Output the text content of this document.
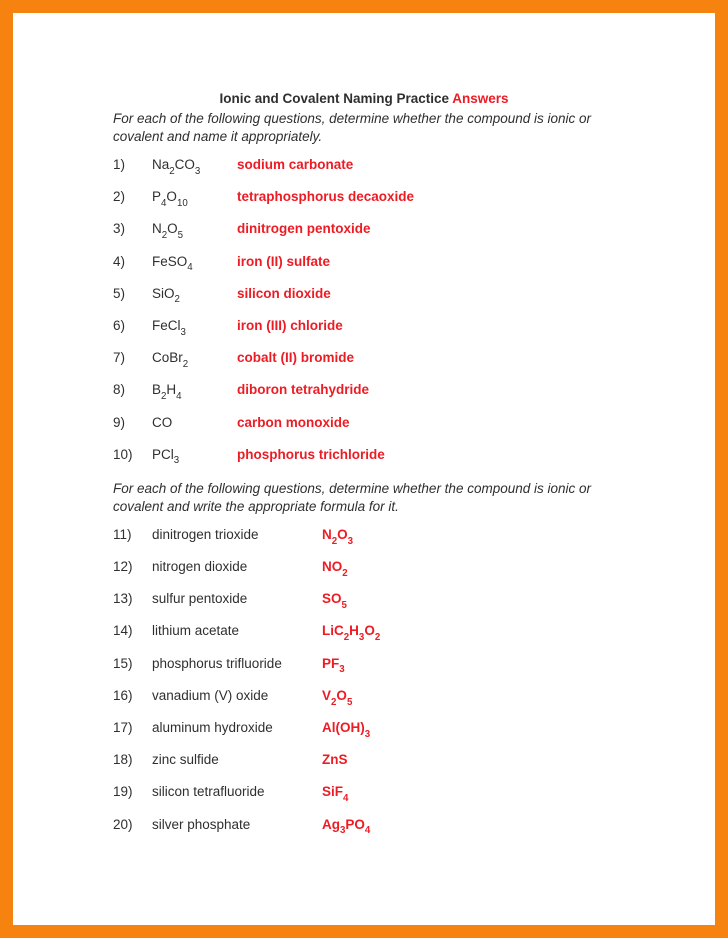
Ionic and Covalent Naming Practice Answers

For each of the following questions, determine whether the compound is ionic or
covalent and name it appropriately.

1)	$Na_2CO_3$	sodium carbonate
2)	$P_4O_{10}$	tetraphosphorus decaoxide
3)	$N_2O_5$	dinitrogen pentoxide
4)	FeSO$_4$	iron (II) sulfate
5)	SiO$_2$	silicon dioxide
6)	FeCl$_3$	iron (III) chloride
7)	CoBr$_2$	cobalt (II) bromide
8)	$B_2H_4$	diboron tetrahydride
9)	CO	carbon monoxide
10)	PCl$_3$	phosphorus trichloride

For each of the following questions, determine whether the compound is ionic or
covalent and write the appropriate formula for it.

11)	dinitrogen trioxide	$N_2O_3$
12)	nitrogen dioxide	$NO_2$
13)	sulfur pentoxide	$SO_5$
14)	lithium acetate	$LiC_2H_3O_2$
15)	phosphorus trifluoride	$PF_3$
16)	vanadium (V) oxide	$V_2O_5$
17)	aluminum hydroxide	$Al(OH)_3$
18)	zinc sulfide	ZnS
19)	silicon tetrafluoride	SiF$_4$
20)	silver phosphate	$Ag_3PO_4$
